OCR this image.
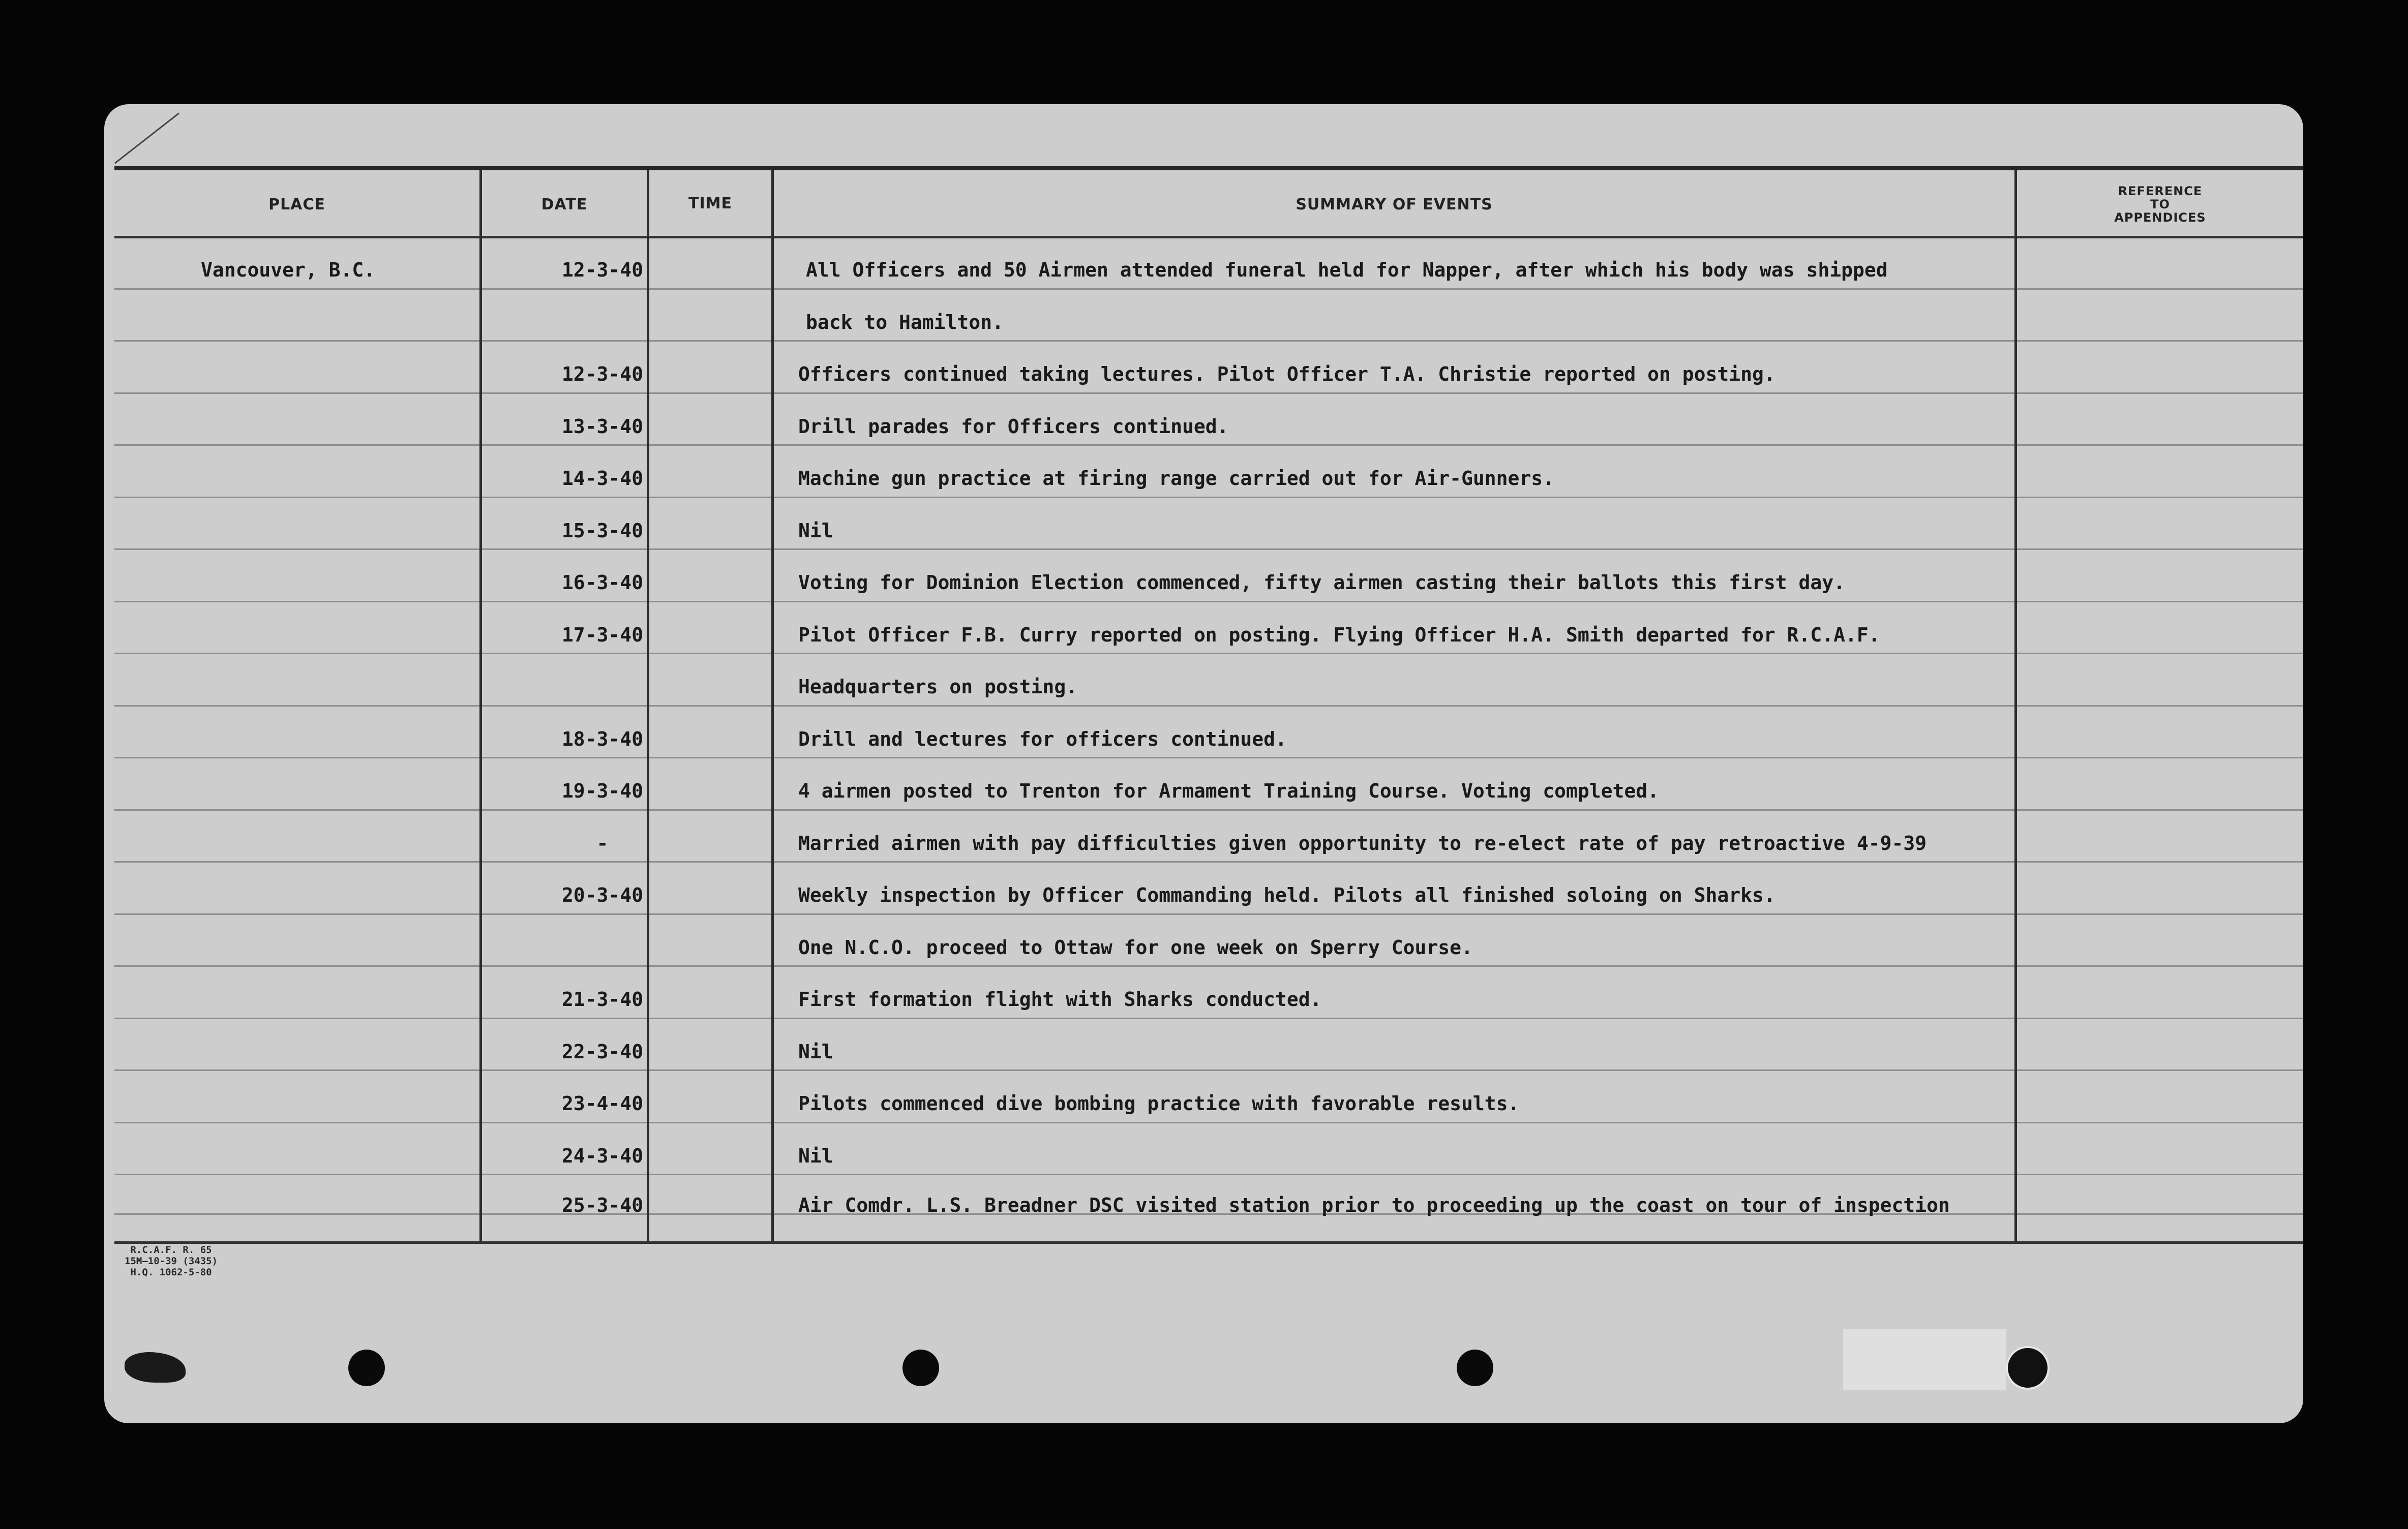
PLACE	DATE	TIME	SUMMARY OF EVENTS
REFERENCE
TO
APPENDICES
Vancouver, B.C.	12-3-40	All Officers and 50 Airmen attended funeral held for Napper, after which his body was shipped
back to Hamilton.
12-3-40	Officers continued taking lectures. Pilot Officer T.A. Christie reported on posting.
13-3-40	Drill parades for Officers continued.
14-3-40	Machine gun practice at firing range carried out for Air-Gunners.
15-3-40	Nil
16-3-40	Voting for Dominion Election commenced, fifty airmen casting their ballots this first day.
17-3-40	Pilot Officer F.B. Curry reported on posting. Flying Officer H.A. Smith departed for R.C.A.F.
Headquarters on posting.
18-3-40	Drill and lectures for officers continued.
19-3-40	4 airmen posted to Trenton for Armament Training Course. Voting completed.
-	Married airmen with pay difficulties given opportunity to re-elect rate of pay retroactive 4-9-39
20-3-40	Weekly inspection by Officer Commanding held. Pilots all finished soloing on Sharks.
One N.C.O. proceed to Ottaw for one week on Sperry Course.
21-3-40	First formation flight with Sharks conducted.
22-3-40	Nil
23-4-40	Pilots commenced dive bombing practice with favorable results.
24-3-40	Nil
25-3-40	Air Comdr. L.S. Breadner DSC visited station prior to proceeding up the coast on tour of inspection
R.C.A.F. R. 65
15M—10-39 (3435)
H.Q. 1062-5-80
